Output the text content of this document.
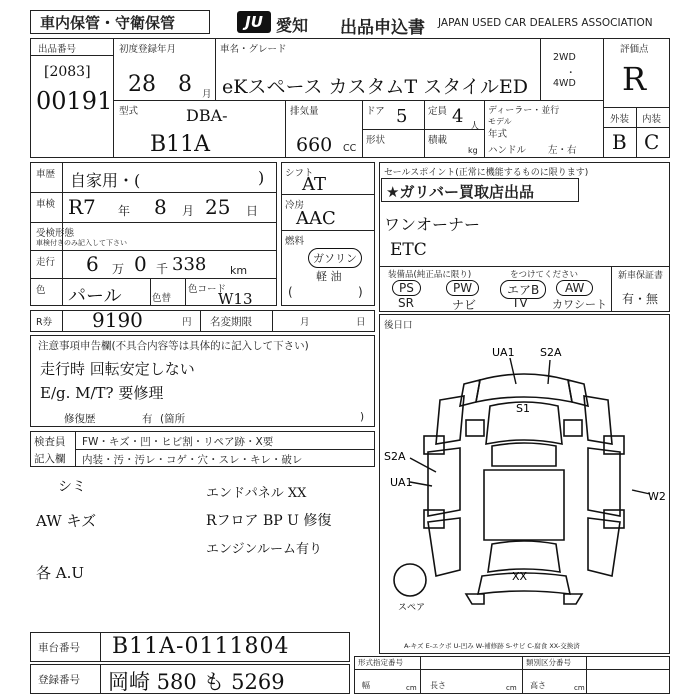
車内保管・守衛保管	JU 愛知 出品申込書 JAPAN USED CAR DEALERS ASSOCIATION
出品番号
[2083]
00191
初度登録年月
28 8 月
車名・グレード
eKスペース カスタムT スタイルED
2WD
・
4WD
評価点
R
型式	DBA-
B11A
排気量
660 CC
ドア 5 定員 4 人
形状	積載
kg
ディーラー・並行
モデル
年式
ハンドル 左・右
外装 内装
B C
車歴 自家用・(	)
車検 R7 年 8 月 25 日
受検形態
車検付きのみ記入して下さい
走行 6 万 0 千 338 km
色 パール	色替
色コード
W13
シフト
AT
冷房
AAC
燃料
ガソリン
軽 油
(	)
セールスポイント(正常に機能するものに限ります)
★ガリバー買取店出品
ワンオーナー
ETC
装備品(純正品に限り)	をつけてください
PS	PW	エアB	AW
SR	ナビ	TV カワシート
新車保証書
有・無
R券 9190	円 名変期限	月	日
注意事項申告欄(不具合内容等は具体的に記入して下さい)
走行時 回転安定しない
E/g. M/T? 要修理
修復歴	有 (箇所	)
検査員
記入欄
FW・キズ・凹・ヒビ割・リペア跡・X要
内装・汚・汚レ・コゲ・穴・スレ・キレ・破レ
シミ	エンドパネル XX
AW キズ	Rフロア BP U 修復
エンジンルーム有り
各 A.U
後日口
UA1 S2A
S1
S2A
UA1
W2
XX
スペア
A-キズ E-エクボ U-凹み W-補修跡 S-サビ C-腐食 XX-交換済
車台番号 B11A-0111804
登録番号 岡崎 580 も 5269
形式指定番号	類別区分番号
幅	cm 長さ	cm 高さ	cm
